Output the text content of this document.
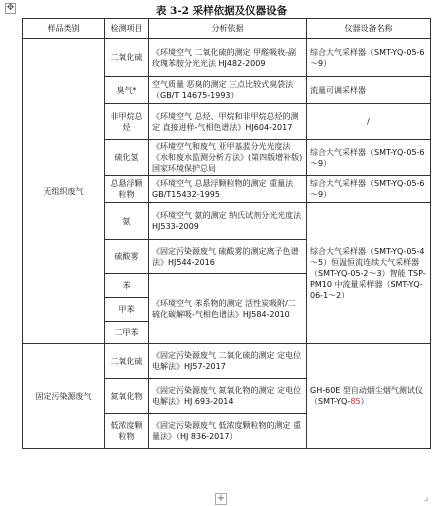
✥	表 3-2 采样依据及仪器设备
样品类别	检测项目	分析依据	仪器设备名称
无组织废气	二氧化硫	《环境空气 二氧化硫的测定 甲醛吸收-副玫瑰苯胺分光光法 HJ482-2009	综合大气采样器（SMT-YQ-05-6～9）
	臭气*	空气质量 恶臭的测定 三点比较式臭袋法（GB/T 14675-1993）	流量可调采样器
	非甲烷总烃	《环境空气 总烃、甲烷和非甲烷总烃的测定 直接进样-气相色谱法》HJ604-2017	/
	硫化氢	《环境空气和废气 亚甲基蓝分光光度法 《水和废水监测分析方法》(第四版增补版) 国家环境保护总局	综合大气采样器（SMT-YQ-05-6～9）
	总悬浮颗粒物	《环境空气 总悬浮颗粒物的测定 重量法 GB/T15432-1995	综合大气采样器（SMT-YQ-05-6～9）
	氨	《环境空气 氨的测定 纳氏试剂分光光度法 HJ533-2009	综合大气采样器（SMT-YQ-05-4～5）恒温恒流连续大气采样器（SMT-YQ-05-2～3）智能 TSP-PM10 中流量采样器（SMT-YQ-06-1～2）
	硫酸雾	《固定污染源废气 硫酸雾的测定离子色谱法》HJ544-2016	
	苯	《环境空气 苯系物的测定 活性炭吸附/二硫化碳解吸-气相色谱法》HJ584-2010	
	甲苯		
	二甲苯		
固定污染源废气	二氧化硫	《固定污染源废气 二氧化硫的测定 定电位电解法》HJ57-2017	GH-60E 型自动烟尘烟气测试仪（SMT-YQ-85）
	氮氧化物	《固定污染源废气 氮氧化物的测定 定电位电解法》HJ 693-2014	
	低浓度颗粒物	《固定污染源废气 低浓度颗粒物的测定 重量法》（HJ 836-2017）	
+	⌟
